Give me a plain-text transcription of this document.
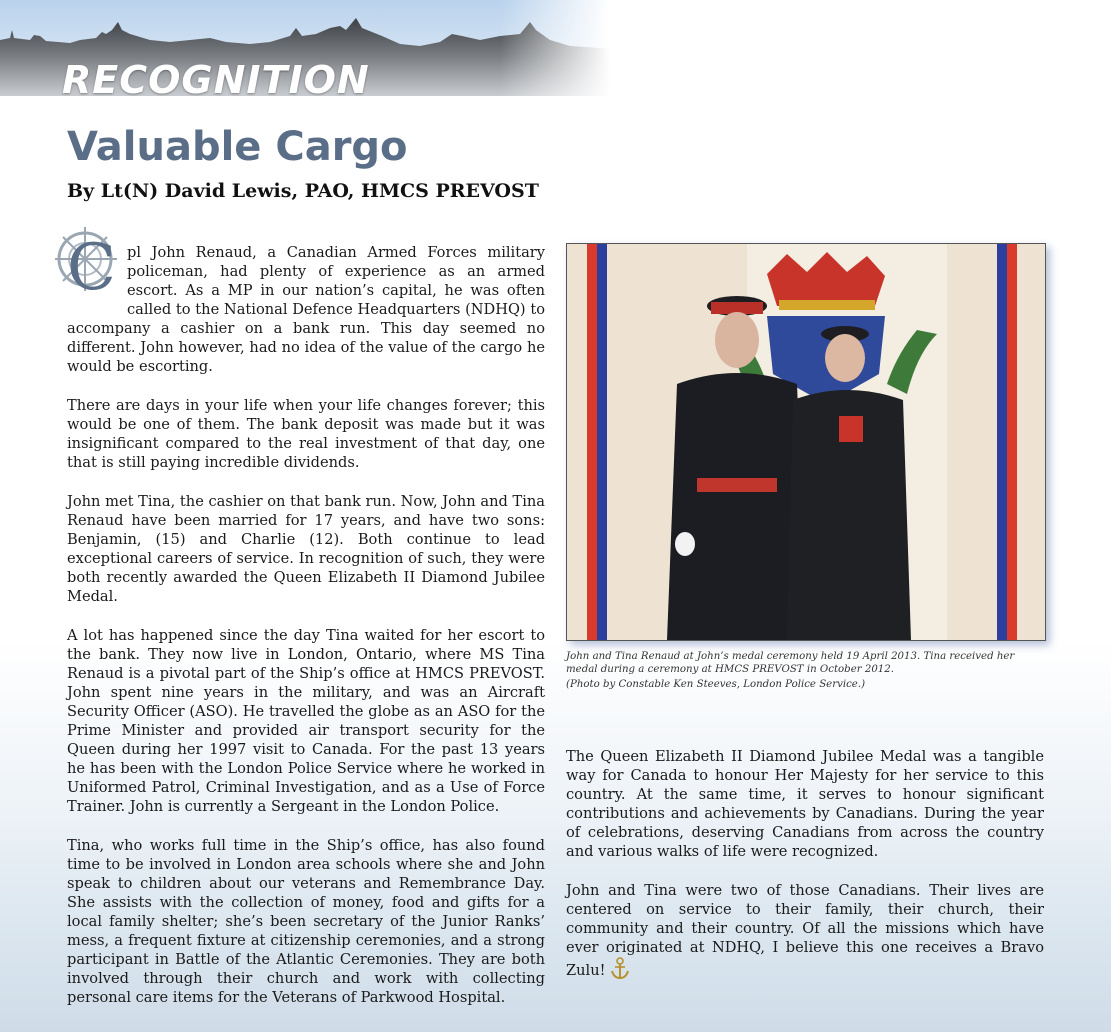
RECOGNITION
Valuable Cargo
By Lt(N) David Lewis, PAO, HMCS PREVOST

C pl John Renaud, a Canadian Armed Forces military policeman, had plenty of experience as an armed escort. As a MP in our nation’s capital, he was often called to the National Defence Headquarters (NDHQ) to accompany a cashier on a bank run. This day seemed no different. John however, had no idea of the value of the cargo he would be escorting.

There are days in your life when your life changes forever; this would be one of them. The bank deposit was made but it was insignificant compared to the real investment of that day, one that is still paying incredible dividends.

John met Tina, the cashier on that bank run. Now, John and Tina Renaud have been married for 17 years, and have two sons: Benjamin, (15) and Charlie (12). Both continue to lead exceptional careers of service. In recognition of such, they were both recently awarded the Queen Elizabeth II Diamond Jubilee Medal.

A lot has happened since the day Tina waited for her escort to the bank. They now live in London, Ontario, where MS Tina Renaud is a pivotal part of the Ship’s office at HMCS PREVOST. John spent nine years in the military, and was an Aircraft Security Officer (ASO). He travelled the globe as an ASO for the Prime Minister and provided air transport security for the Queen during her 1997 visit to Canada. For the past 13 years he has been with the London Police Service where he worked in Uniformed Patrol, Criminal Investigation, and as a Use of Force Trainer. John is currently a Sergeant in the London Police.

Tina, who works full time in the Ship’s office, has also found time to be involved in London area schools where she and John speak to children about our veterans and Remembrance Day. She assists with the collection of money, food and gifts for a local family shelter; she’s been secretary of the Junior Ranks’ mess, a frequent fixture at citizenship ceremonies, and a strong participant in Battle of the Atlantic Ceremonies. They are both involved through their church and work with collecting personal care items for the Veterans of Parkwood Hospital.

John and Tina Renaud at John’s medal ceremony held 19 April 2013. Tina received her medal during a ceremony at HMCS PREVOST in October 2012.
(Photo by Constable Ken Steeves, London Police Service.)

The Queen Elizabeth II Diamond Jubilee Medal was a tangible way for Canada to honour Her Majesty for her service to this country. At the same time, it serves to honour significant contributions and achievements by Canadians. During the year of celebrations, deserving Canadians from across the country and various walks of life were recognized.

John and Tina were two of those Canadians. Their lives are centered on service to their family, their church, their community and their country. Of all the missions which have ever originated at NDHQ, I believe this one receives a Bravo Zulu!
